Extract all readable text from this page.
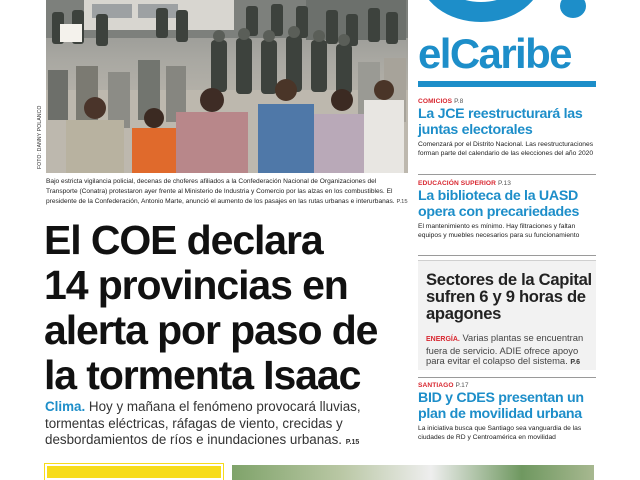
FOTO: DANNY POLANCO
Bajo estricta vigilancia policial, decenas de choferes afiliados a la Confederación Nacional de Organizaciones del Transporte (Conatra) protestaron ayer frente al Ministerio de Industria y Comercio por las alzas en los combustibles. El presidente de la Confederación, Antonio Marte, anunció el aumento de los pasajes en las rutas urbanas e interurbanas. P.15
El COE declara
14 provincias en
alerta por paso de
la tormenta Isaac

Clima. Hoy y mañana el fenómeno provocará lluvias, tormentas eléctricas, ráfagas de viento, crecidas y desbordamientos de ríos e inundaciones urbanas. P.15

elCaribe
COMICIOS P.8
La JCE reestructurará las juntas electorales

Comenzará por el Distrito Nacional. Las reestructuraciones forman parte del calendario de las elecciones del año 2020

EDUCACIÓN SUPERIOR P.13
La biblioteca de la UASD opera con precariedades

El mantenimiento es mínimo. Hay filtraciones y faltan equipos y muebles necesarios para su funcionamiento

Sectores de la Capital sufren 6 y 9 horas de apagones

ENERGÍA. Varias plantas se encuentran fuera de servicio. ADIE ofrece apoyo para evitar el colapso del sistema. P.6

SANTIAGO P.17
BID y CDES presentan un plan de movilidad urbana

La iniciativa busca que Santiago sea vanguardia de las ciudades de RD y Centroamérica en movilidad
